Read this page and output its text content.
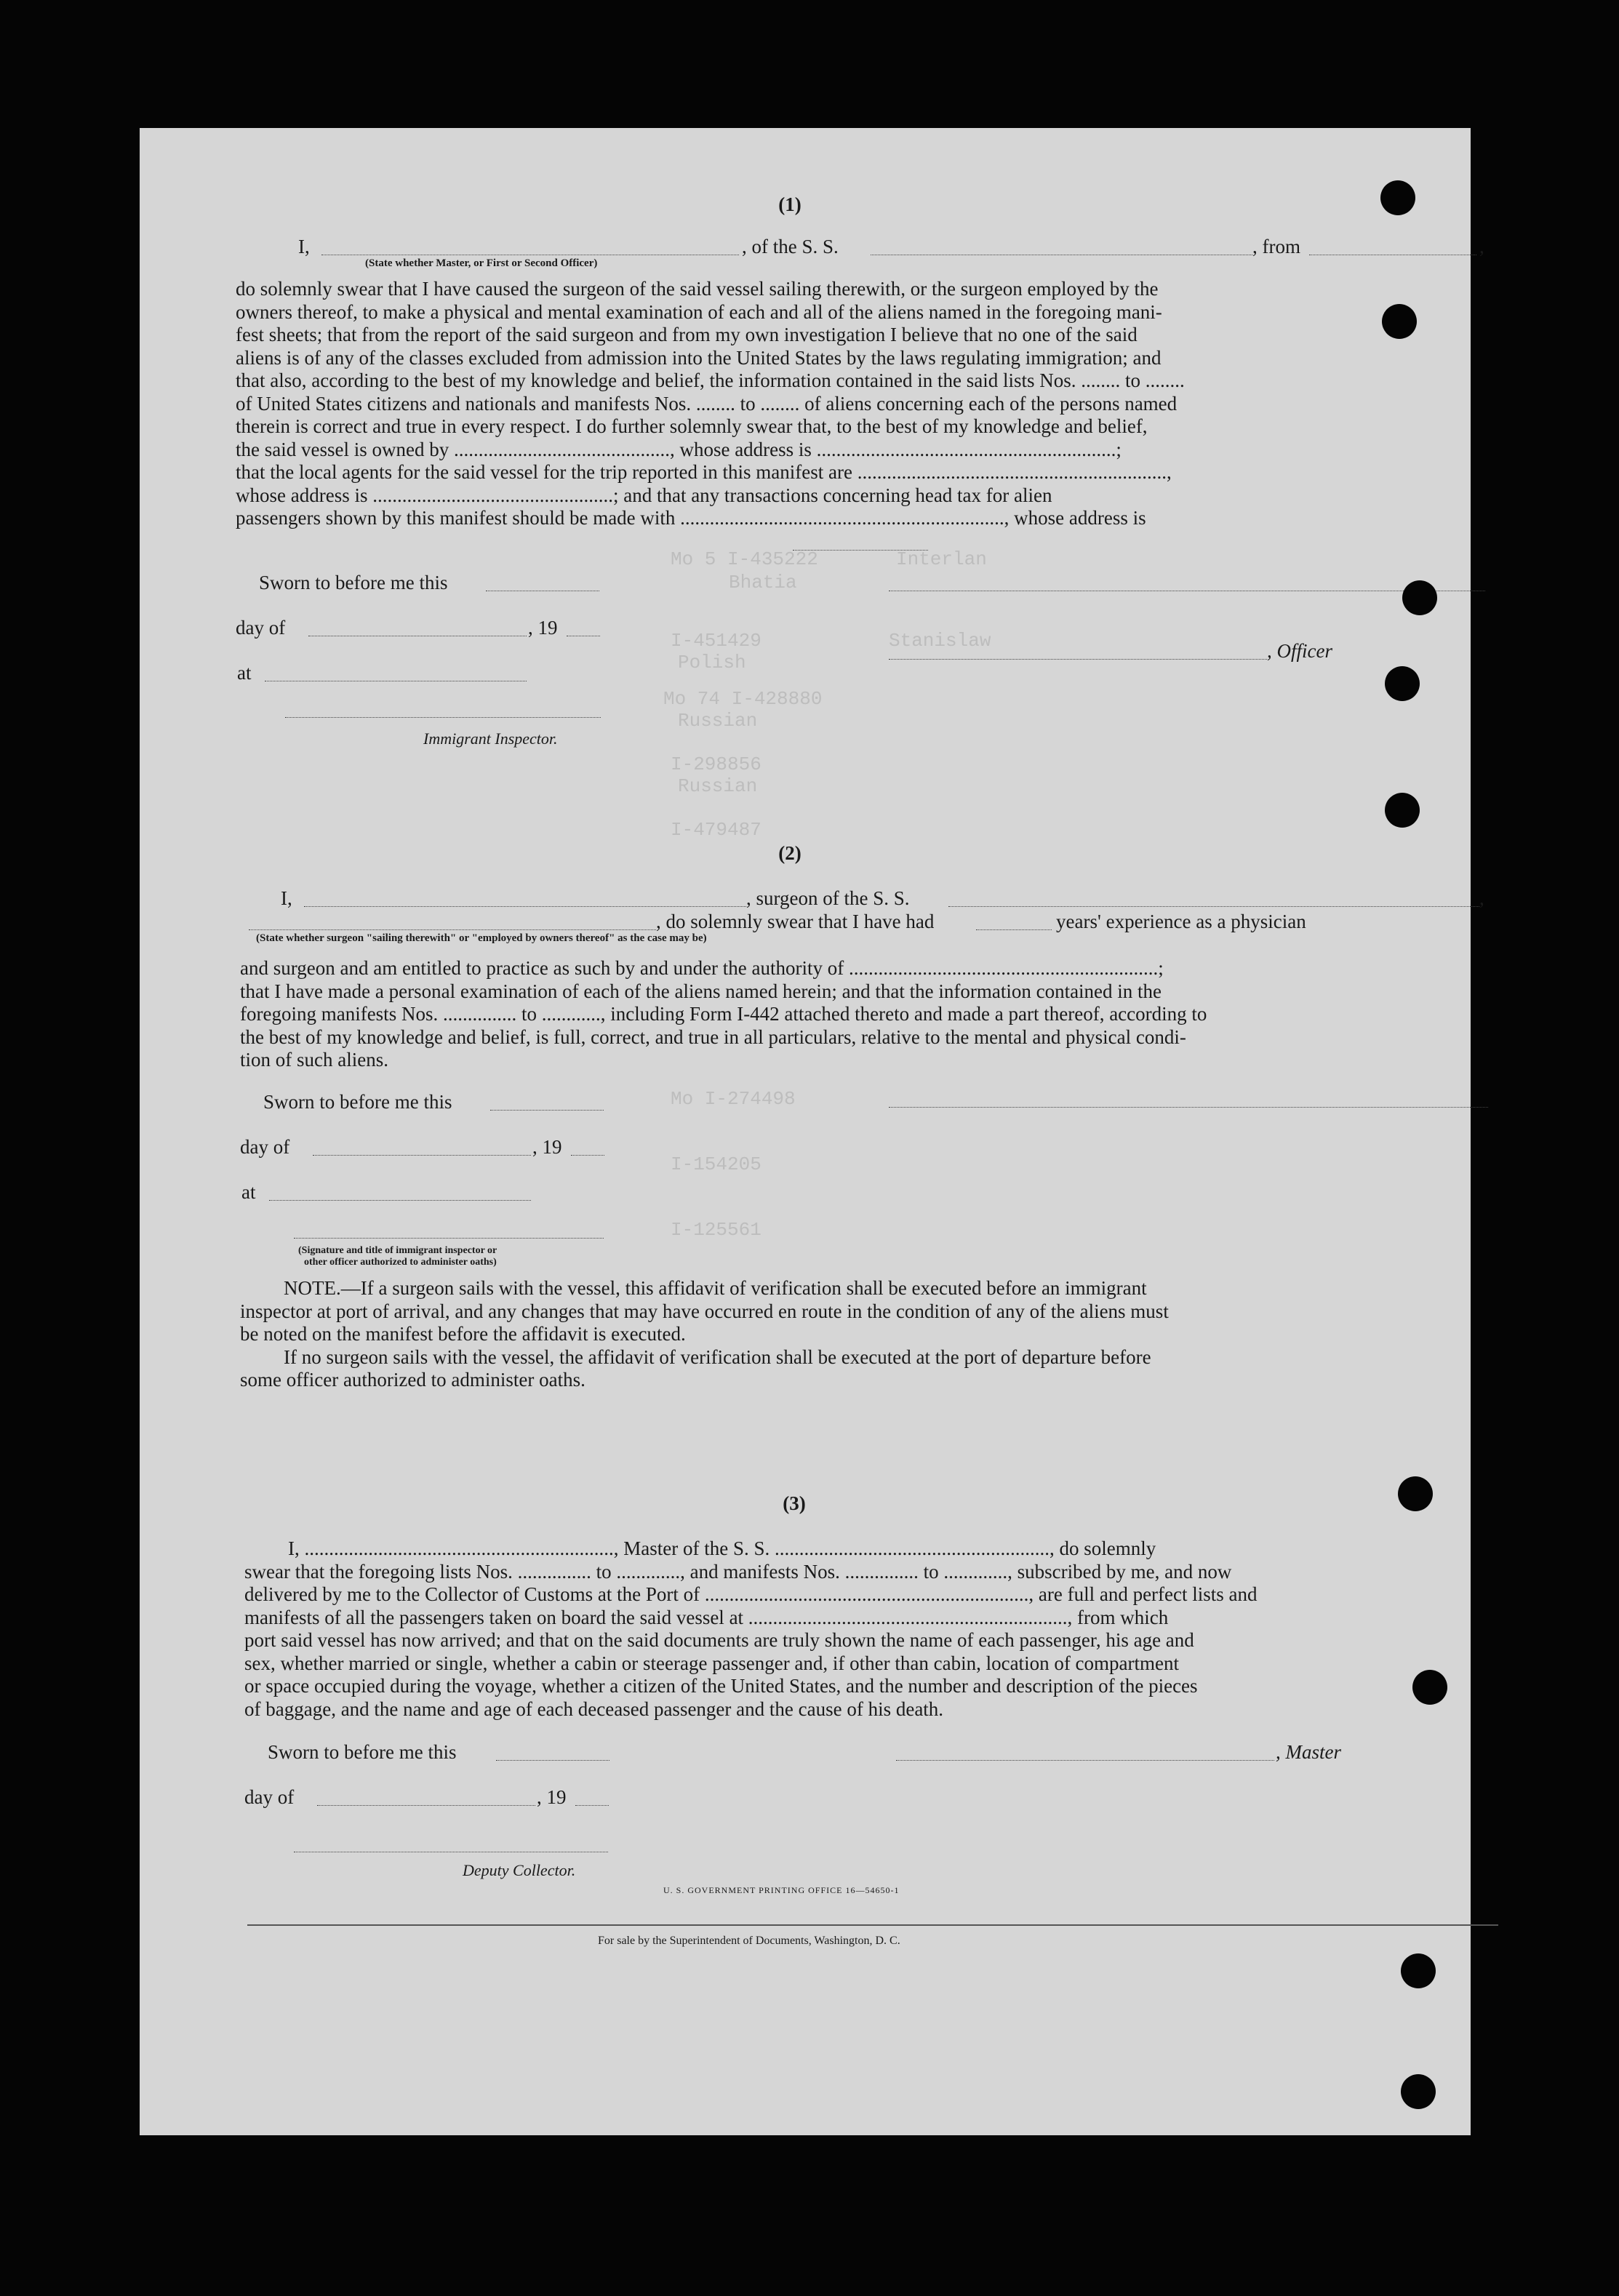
Interlan
Mo 5 I-435222
Bhatia
Stanislaw
I-451429
Polish
Mo 74 I-428880
Russian
I-298856
Russian
I-479487
Mo I-274498
I-154205
I-125561
(1)
I,	, of the S. S.	, from	,
(State whether Master, or First or Second Officer)
do solemnly swear that I have caused the surgeon of the said vessel sailing therewith, or the surgeon employed by the
owners thereof, to make a physical and mental examination of each and all of the aliens named in the foregoing mani-
fest sheets; that from the report of the said surgeon and from my own investigation I believe that no one of the said
aliens is of any of the classes excluded from admission into the United States by the laws regulating immigration; and
that also, according to the best of my knowledge and belief, the information contained in the said lists Nos. ........ to ........
of United States citizens and nationals and manifests Nos. ........ to ........ of aliens concerning each of the persons named
therein is correct and true in every respect. I do further solemnly swear that, to the best of my knowledge and belief,
the said vessel is owned by ............................................, whose address is .............................................................;
that the local agents for the said vessel for the trip reported in this manifest are ...............................................................,
whose address is .................................................; and that any transactions concerning head tax for alien
passengers shown by this manifest should be made with .................................................................., whose address is
Sworn to before me this
day of	, 19
, Officer
at
Immigrant Inspector.
(2)
I,	, surgeon of the S. S.	,
, do solemnly swear that I have had	years' experience as a physician
(State whether surgeon "sailing therewith" or "employed by owners thereof" as the case may be)
and surgeon and am entitled to practice as such by and under the authority of ...............................................................;
that I have made a personal examination of each of the aliens named herein; and that the information contained in the
foregoing manifests Nos. ............... to ............, including Form I-442 attached thereto and made a part thereof, according to
the best of my knowledge and belief, is full, correct, and true in all particulars, relative to the mental and physical condi-
tion of such aliens.
Sworn to before me this
day of	, 19
at
(Signature and title of immigrant inspector or
other officer authorized to administer oaths)
NOTE.—If a surgeon sails with the vessel, this affidavit of verification shall be executed before an immigrant
inspector at port of arrival, and any changes that may have occurred en route in the condition of any of the aliens must
be noted on the manifest before the affidavit is executed.
If no surgeon sails with the vessel, the affidavit of verification shall be executed at the port of departure before
some officer authorized to administer oaths.
(3)
I, ..............................................................., Master of the S. S. ........................................................, do solemnly
swear that the foregoing lists Nos. ............... to ............., and manifests Nos. ............... to ............., subscribed by me, and now
delivered by me to the Collector of Customs at the Port of .................................................................., are full and perfect lists and
manifests of all the passengers taken on board the said vessel at ................................................................., from which
port said vessel has now arrived; and that on the said documents are truly shown the name of each passenger, his age and
sex, whether married or single, whether a cabin or steerage passenger and, if other than cabin, location of compartment
or space occupied during the voyage, whether a citizen of the United States, and the number and description of the pieces
of baggage, and the name and age of each deceased passenger and the cause of his death.
Sworn to before me this	, Master
day of	, 19
Deputy Collector.
U. S. GOVERNMENT PRINTING OFFICE 16—54650-1
For sale by the Superintendent of Documents, Washington, D. C.
